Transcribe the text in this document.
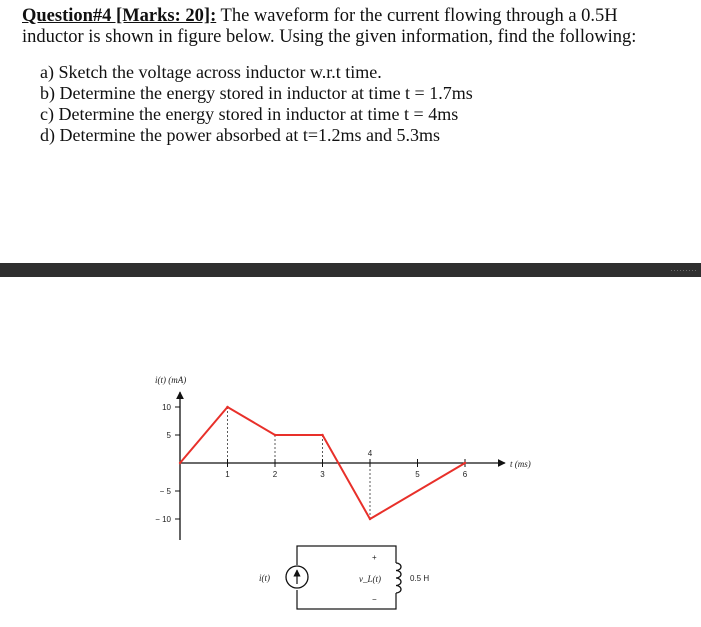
Question#4 [Marks: 20]: The waveform for the current flowing through a 0.5H
inductor is shown in figure below. Using the given information, find the following:
a) Sketch the voltage across inductor w.r.t time.
b) Determine the energy stored in inductor at time t = 1.7ms
c) Determine the energy stored in inductor at time t = 4ms
d) Determine the power absorbed at t=1.2ms and 5.3ms
·········
1	2	3
4
5	6
10
5
− 5
− 10
i(t) (mA)
t (ms)
i(t)	v_L(t)
+
−
0.5 H
